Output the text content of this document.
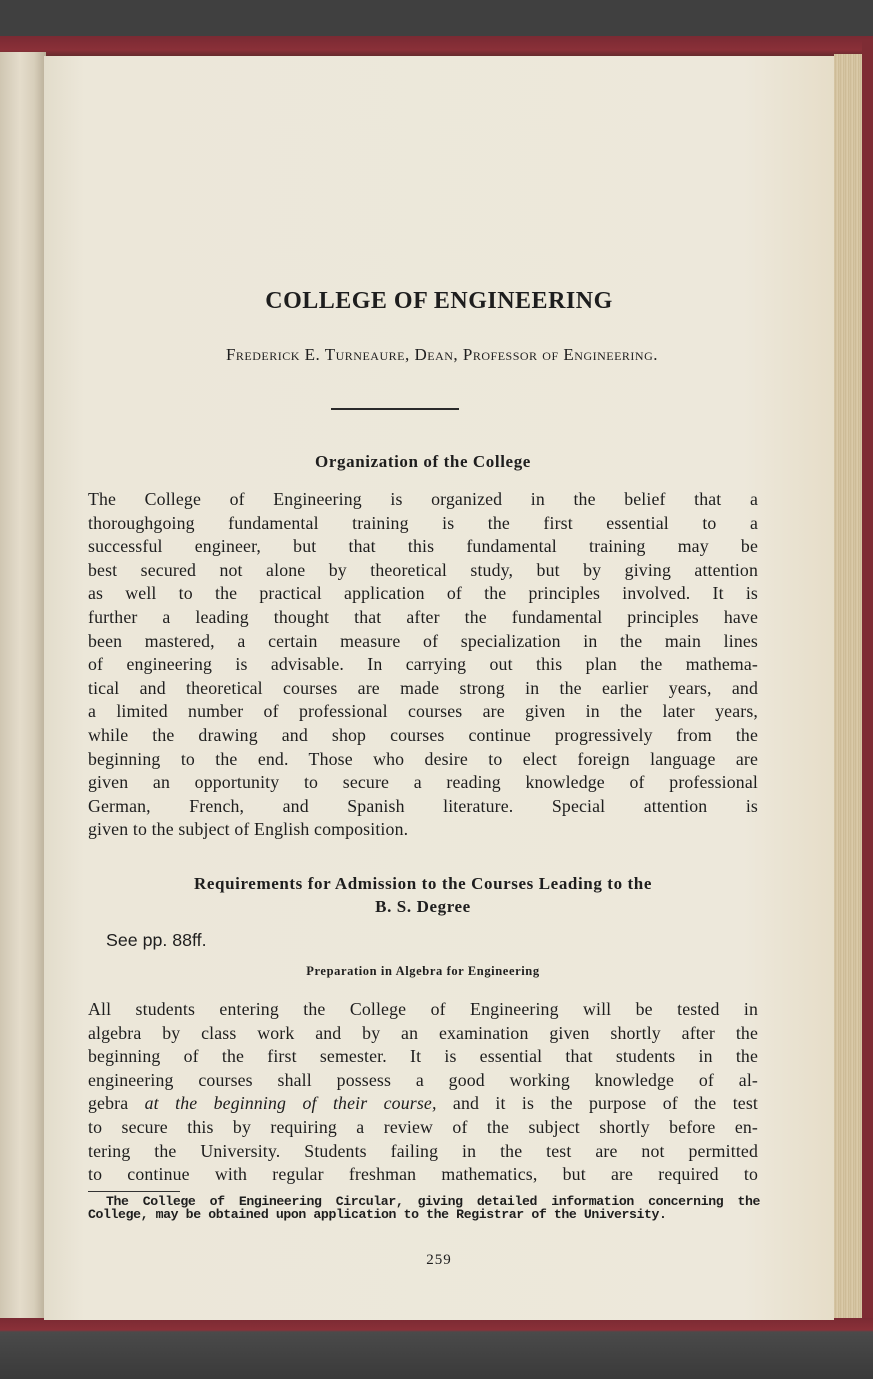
COLLEGE OF ENGINEERING
Frederick E. Turneaure, Dean, Professor of Engineering.
Organization of the College
The College of Engineering is organized in the belief that a
thoroughgoing fundamental training is the first essential to a
successful engineer, but that this fundamental training may be
best secured not alone by theoretical study, but by giving attention
as well to the practical application of the principles involved. It is
further a leading thought that after the fundamental principles have
been mastered, a certain measure of specialization in the main lines
of engineering is advisable. In carrying out this plan the mathema-
tical and theoretical courses are made strong in the earlier years, and
a limited number of professional courses are given in the later years,
while the drawing and shop courses continue progressively from the
beginning to the end. Those who desire to elect foreign language are
given an opportunity to secure a reading knowledge of professional
German, French, and Spanish literature. Special attention is
given to the subject of English composition.
Requirements for Admission to the Courses Leading to the
B. S. Degree
See pp. 88ff.
Preparation in Algebra for Engineering
All students entering the College of Engineering will be tested in
algebra by class work and by an examination given shortly after the
beginning of the first semester. It is essential that students in the
engineering courses shall possess a good working knowledge of al-
gebra at the beginning of their course, and it is the purpose of the test
to secure this by requiring a review of the subject shortly before en-
tering the University. Students failing in the test are not permitted
to continue with regular freshman mathematics, but are required to
The College of Engineering Circular, giving detailed information concerning the College, may be obtained upon application to the Registrar of the University.
259
